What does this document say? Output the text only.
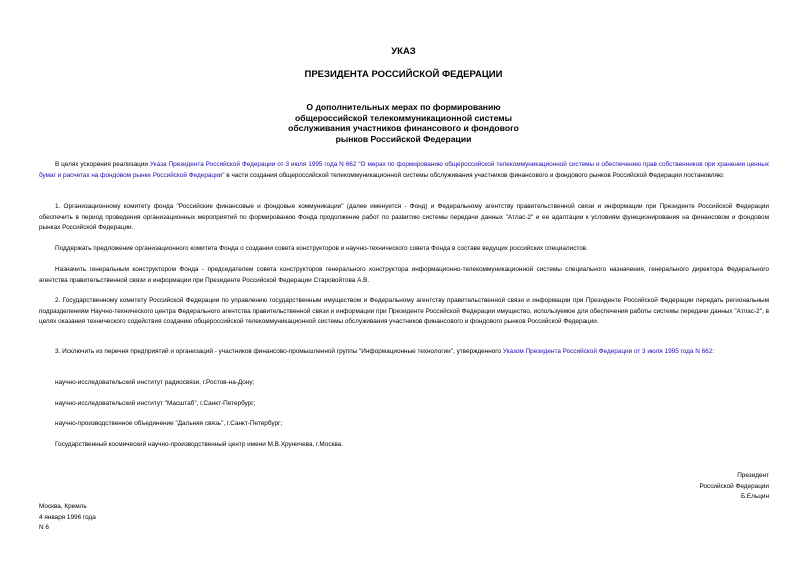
УКАЗ
ПРЕЗИДЕНТА РОССИЙСКОЙ ФЕДЕРАЦИИ
О дополнительных мерах по формированию
общероссийской телекоммуникационной системы
обслуживания участников финансового и фондового
рынков Российской Федерации

В целях ускорения реализации Указа Президента Российской Федерации от 3 июля 1995 года N 662 "О мерах по формированию общероссийской телекоммуникационной системы и обеспечению прав собственников при хранении ценных бумаг и расчетах на фондовом рынке Российской Федерации" в части создания общероссийской телекоммуникационной системы обслуживания участников финансового и фондового рынков Российской Федерации постановляю:

1. Организационному комитету фонда "Российские финансовые и фондовые коммуникации" (далее именуется - Фонд) и Федеральному агентству правительственной связи и информации при Президенте Российской Федерации обеспечить в период проведения организационных мероприятий по формированию Фонда продолжение работ по развитию системы передачи данных "Атлас-2" и ее адаптации к условиям функционирования на финансовом и фондовом рынках Российской Федерации.

Поддержать предложение организационного комитета Фонда о создании совета конструкторов и научно-технического совета Фонда в составе ведущих российских специалистов.

Назначить генеральным конструктором Фонда - председателем совета конструкторов генерального конструктора информационно-телекоммуникационной системы специального назначения, генерального директора Федерального агентства правительственной связи и информации при Президенте Российской Федерации Старовойтова А.В.

2. Государственному комитету Российской Федерации по управлению государственным имуществом и Федеральному агентству правительственной связи и информации при Президенте Российской Федерации передать региональным подразделениям Научно-технического центра Федерального агентства правительственной связи и информации при Президенте Российской Федерации имущество, используемое для обеспечения работы системы передачи данных "Атлас-2", в целях оказания технического содействия созданию общероссийской телекоммуникационной системы обслуживания участников финансового и фондового рынков Российской Федерации.

3. Исключить из перечня предприятий и организаций - участников финансово-промышленной группы "Информационные технологии", утвержденного Указом Президента Российской Федерации от 3 июля 1995 года N 662:

научно-исследовательский институт радиосвязи, г.Ростов-на-Дону;

научно-исследовательский институт "Масштаб", г.Санкт-Петербург;

научно-производственное объединение "Дальняя связь", г.Санкт-Петербург;

Государственный космический научно-производственный центр имени М.В.Хруничева, г.Москва.

Президент
Российской Федерации
Б.Ельцин
Москва, Кремль
4 января 1996 года
N 6
